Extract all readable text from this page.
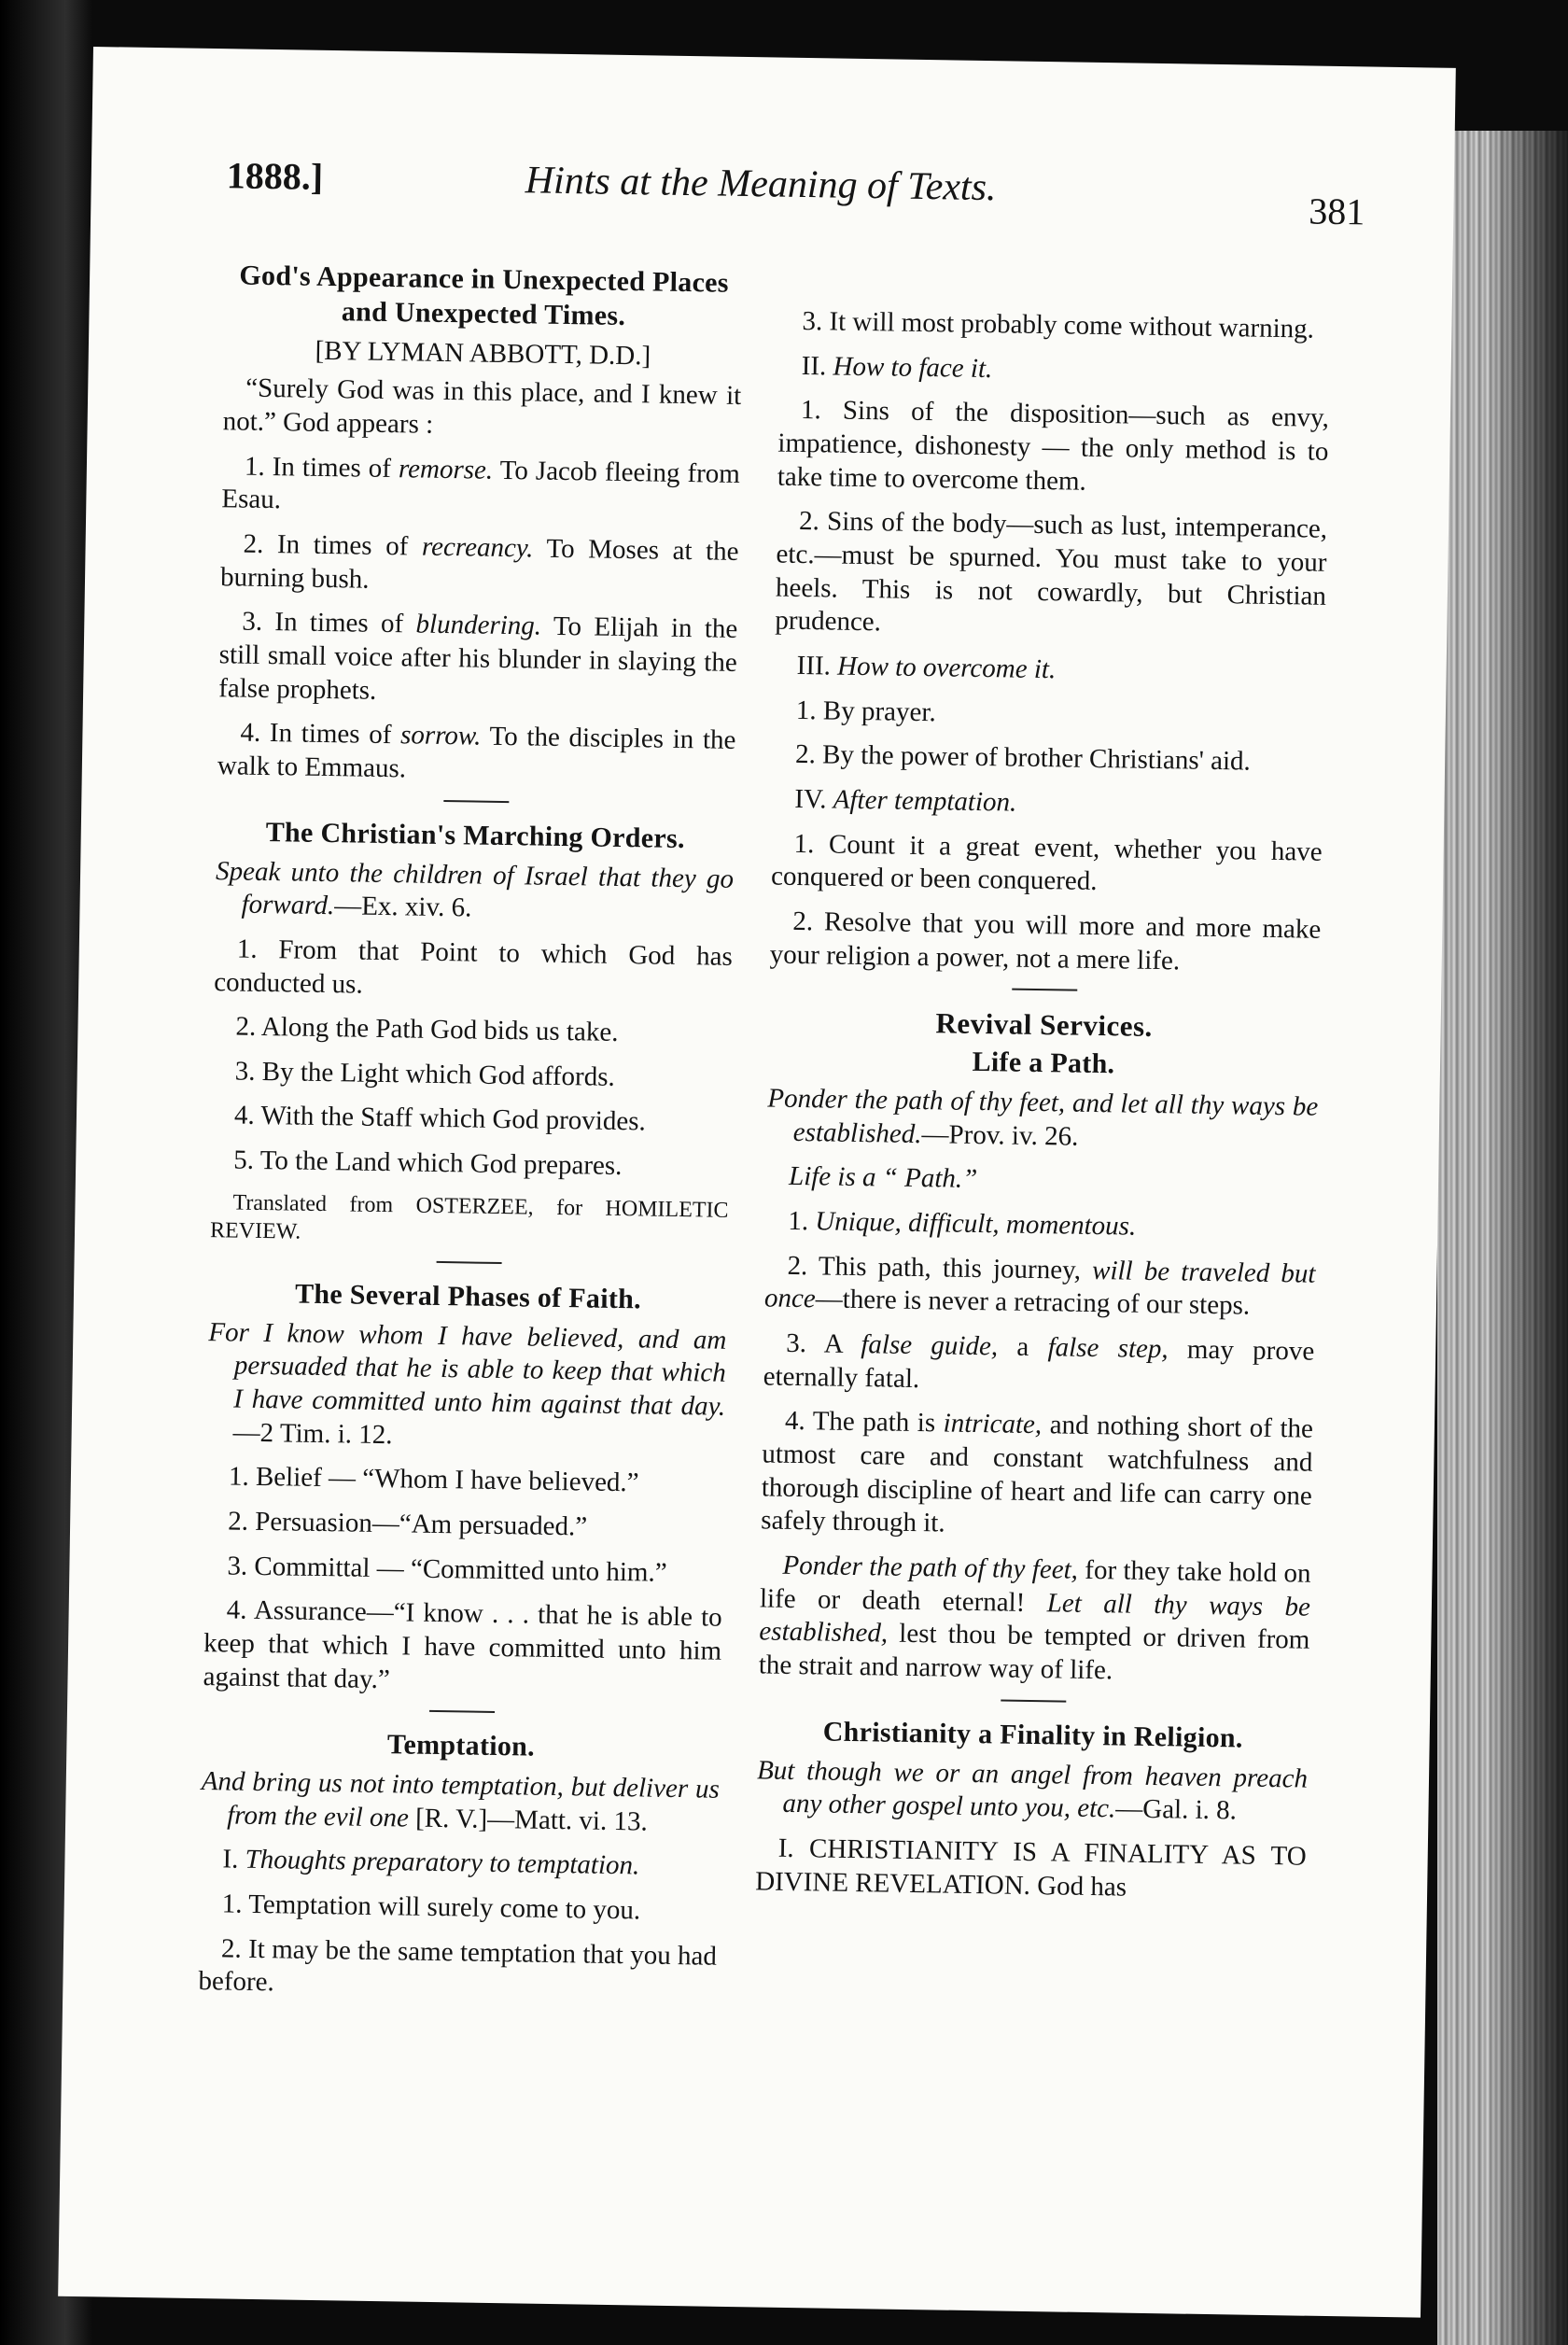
1888.]	Hints at the Meaning of Texts.
381
God's Appearance in Unexpected Places and Unexpected Times.
[BY LYMAN ABBOTT, D.D.]

“Surely God was in this place, and I knew it not.” God appears :

1. In times of remorse. To Jacob fleeing from Esau.

2. In times of recreancy. To Moses at the burning bush.

3. In times of blundering. To Elijah in the still small voice after his blunder in slaying the false prophets.

4. In times of sorrow. To the disciples in the walk to Emmaus.

The Christian's Marching Orders.

Speak unto the children of Israel that they go forward.—Ex. xiv. 6.

1. From that Point to which God has conducted us.

2. Along the Path God bids us take.

3. By the Light which God affords.

4. With the Staff which God provides.

5. To the Land which God prepares.

Translated from OSTERZEE, for HOMILETIC REVIEW.

The Several Phases of Faith.

For I know whom I have believed, and am persuaded that he is able to keep that which I have committed unto him against that day.—2 Tim. i. 12.

1. Belief — “Whom I have believed.”

2. Persuasion—“Am persuaded.”

3. Committal — “Committed unto him.”

4. Assurance—“I know . . . that he is able to keep that which I have committed unto him against that day.”

Temptation.

And bring us not into temptation, but deliver us from the evil one [R. V.]—Matt. vi. 13.

I. Thoughts preparatory to temptation.

1. Temptation will surely come to you.

2. It may be the same temptation that you had before.

3. It will most probably come without warning.

II. How to face it.

1. Sins of the disposition—such as envy, impatience, dishonesty — the only method is to take time to overcome them.

2. Sins of the body—such as lust, intemperance, etc.—must be spurned. You must take to your heels. This is not cowardly, but Christian prudence.

III. How to overcome it.

1. By prayer.

2. By the power of brother Christians' aid.

IV. After temptation.

1. Count it a great event, whether you have conquered or been conquered.

2. Resolve that you will more and more make your religion a power, not a mere life.

Revival Services.
Life a Path.

Ponder the path of thy feet, and let all thy ways be established.—Prov. iv. 26.

Life is a “ Path.”

1. Unique, difficult, momentous.

2. This path, this journey, will be traveled but once—there is never a retracing of our steps.

3. A false guide, a false step, may prove eternally fatal.

4. The path is intricate, and nothing short of the utmost care and constant watchfulness and thorough discipline of heart and life can carry one safely through it.

Ponder the path of thy feet, for they take hold on life or death eternal! Let all thy ways be established, lest thou be tempted or driven from the strait and narrow way of life.

Christianity a Finality in Religion.

But though we or an angel from heaven preach any other gospel unto you, etc.—Gal. i. 8.

I. CHRISTIANITY IS A FINALITY AS TO DIVINE REVELATION. God has
